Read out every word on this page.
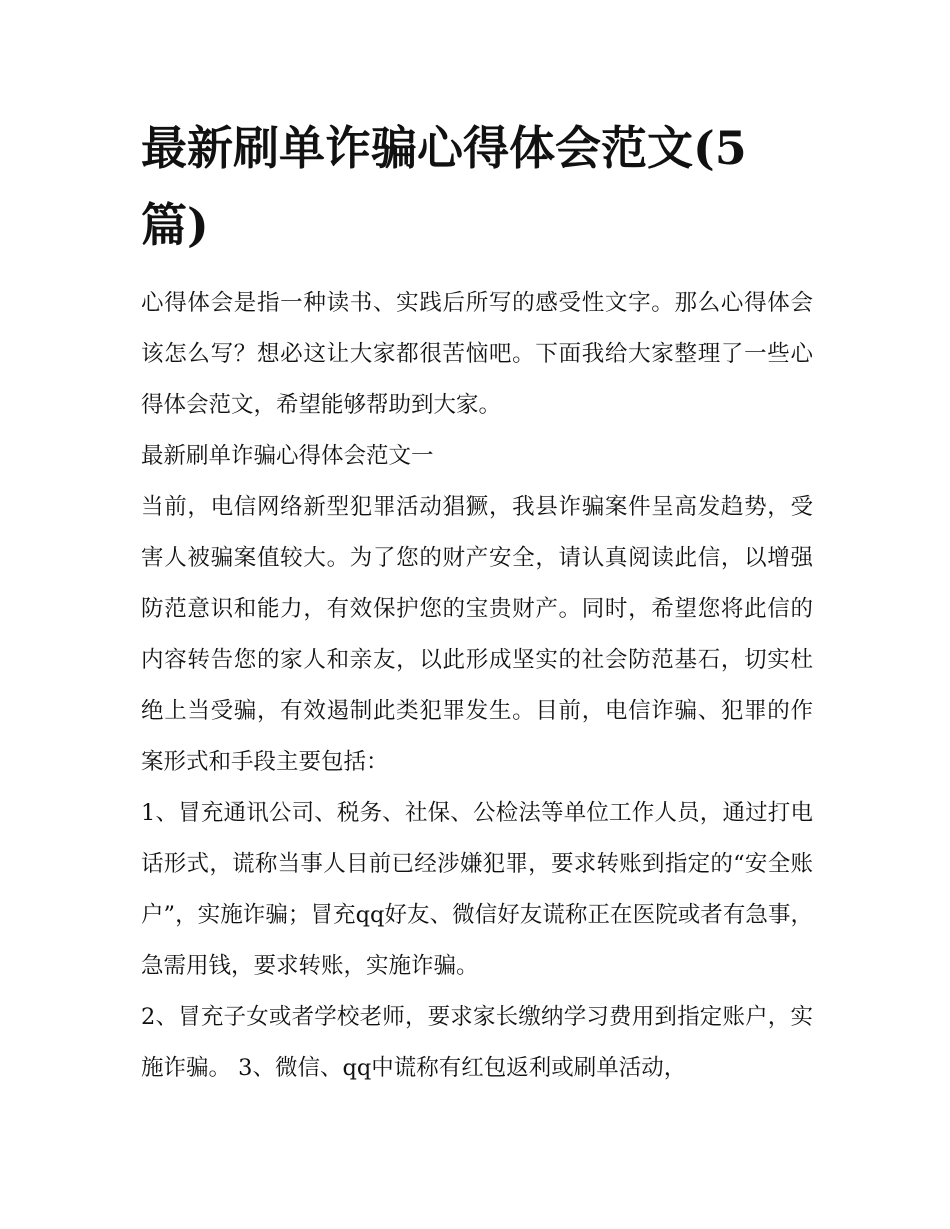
最新刷单诈骗心得体会范文(5篇)

心得体会是指一种读书、实践后所写的感受性文字。那么心得体会该怎么写？想必这让大家都很苦恼吧。下面我给大家整理了一些心得体会范文，希望能够帮助到大家。

最新刷单诈骗心得体会范文一

当前，电信网络新型犯罪活动猖獗，我县诈骗案件呈高发趋势，受害人被骗案值较大。为了您的财产安全，请认真阅读此信，以增强防范意识和能力，有效保护您的宝贵财产。同时，希望您将此信的内容转告您的家人和亲友，以此形成坚实的社会防范基石，切实杜绝上当受骗，有效遏制此类犯罪发生。目前，电信诈骗、犯罪的作案形式和手段主要包括：

1、冒充通讯公司、税务、社保、公检法等单位工作人员，通过打电话形式，谎称当事人目前已经涉嫌犯罪，要求转账到指定的“安全账户”，实施诈骗；冒充qq好友、微信好友谎称正在医院或者有急事，急需用钱，要求转账，实施诈骗。

2、冒充子女或者学校老师，要求家长缴纳学习费用到指定账户，实施诈骗。 3、微信、qq中谎称有红包返利或刷单活动，
